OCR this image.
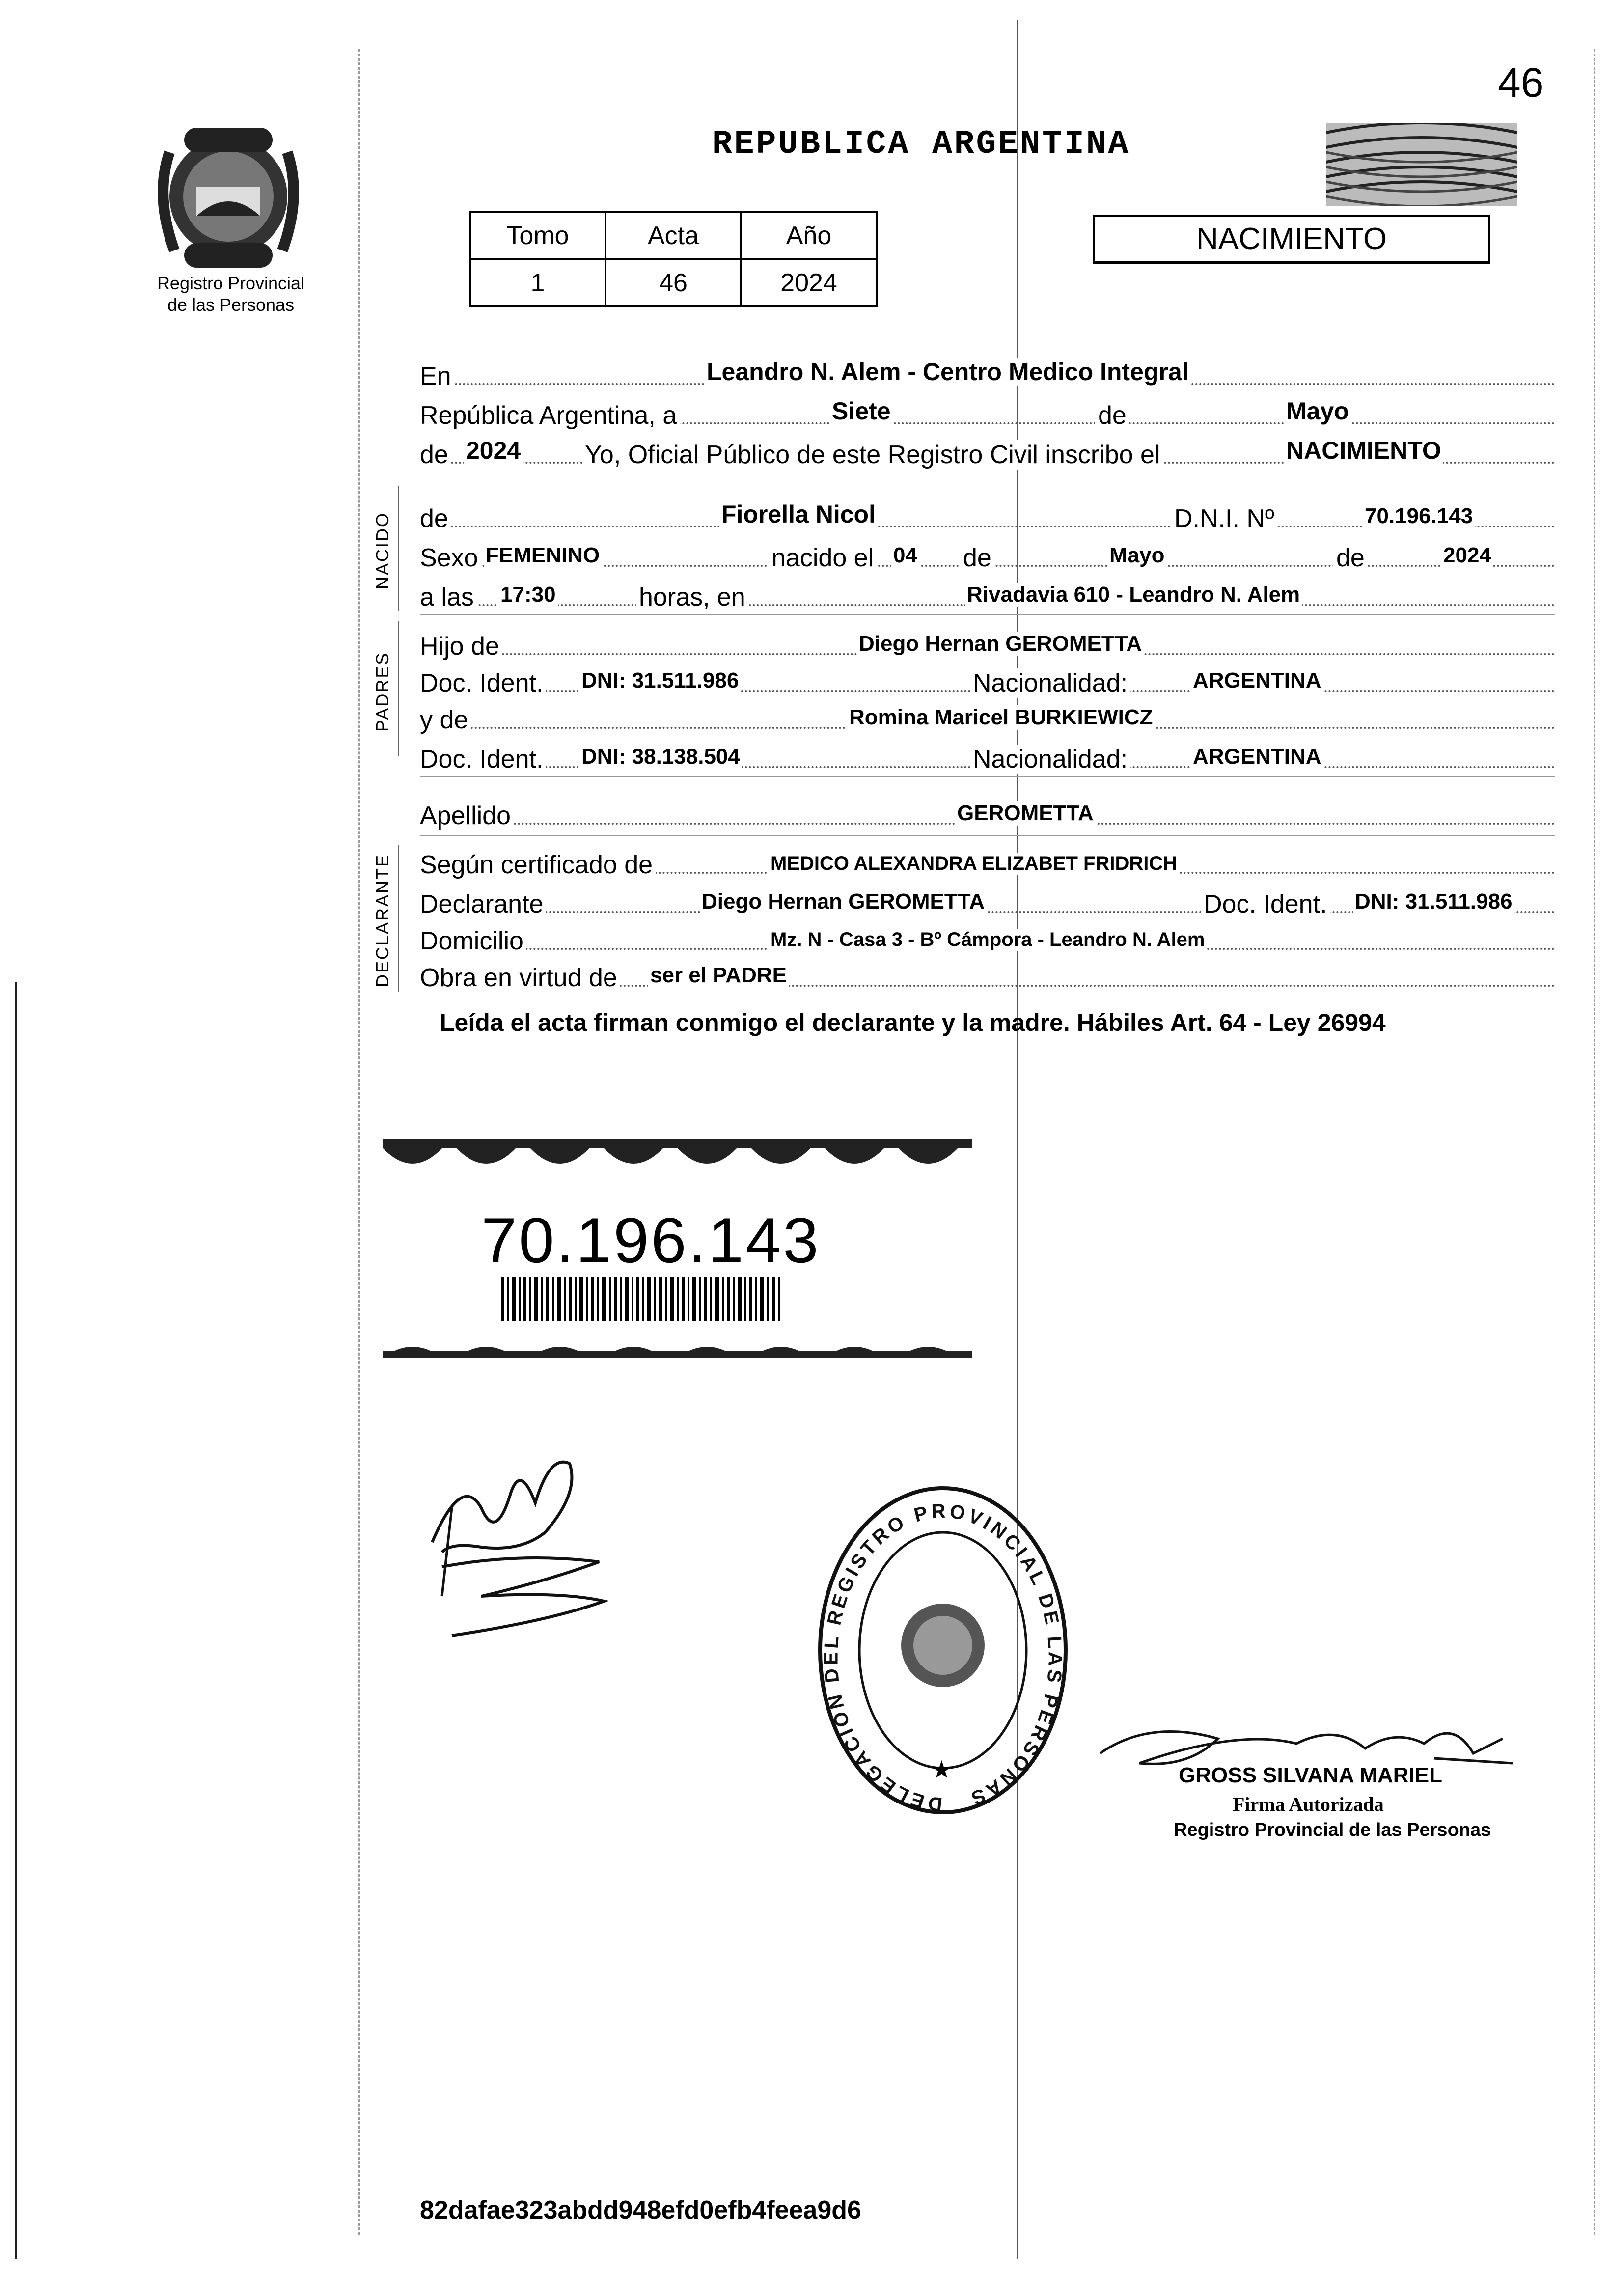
46
Registro Provincial
de las Personas
REPUBLICA ARGENTINA
Tomo	Acta	Año
1	46	2024
NACIMIENTO
En	Leandro N. Alem - Centro Medico Integral
República Argentina, a	Siete	de	Mayo
de 2024	Yo, Oficial Público de este Registro Civil inscribo el	NACIMIENTO
NACIDO de	Fiorella Nicol	D.N.I. Nº	70.196.143
Sexo FEMENINO	nacido el 04 de	Mayo	de	2024
a las 17:30	horas, en	Rivadavia 610 - Leandro N. Alem
PADRES
Hijo de	Diego Hernan GEROMETTA
Doc. Ident. DNI: 31.511.986	Nacionalidad:	ARGENTINA
y de	Romina Maricel BURKIEWICZ
Doc. Ident. DNI: 38.138.504	Nacionalidad:	ARGENTINA
Apellido	GEROMETTA
DECLARANTE Según certificado de	MEDICO ALEXANDRA ELIZABET FRIDRICH
Declarante	Diego Hernan GEROMETTA	Doc. Ident. DNI: 31.511.986
Domicilio	Mz. N - Casa 3 - Bº Cámpora - Leandro N. Alem
Obra en virtud de ser el PADRE
Leída el acta firman conmigo el declarante y la madre. Hábiles Art. 64 - Ley 26994
70.196.143
DELEGACION DEL REGISTRO PROVINCIAL DE LAS PERSONAS
★	GROSS SILVANA MARIEL
Firma Autorizada
Registro Provincial de las Personas
82dafae323abdd948efd0efb4feea9d6
